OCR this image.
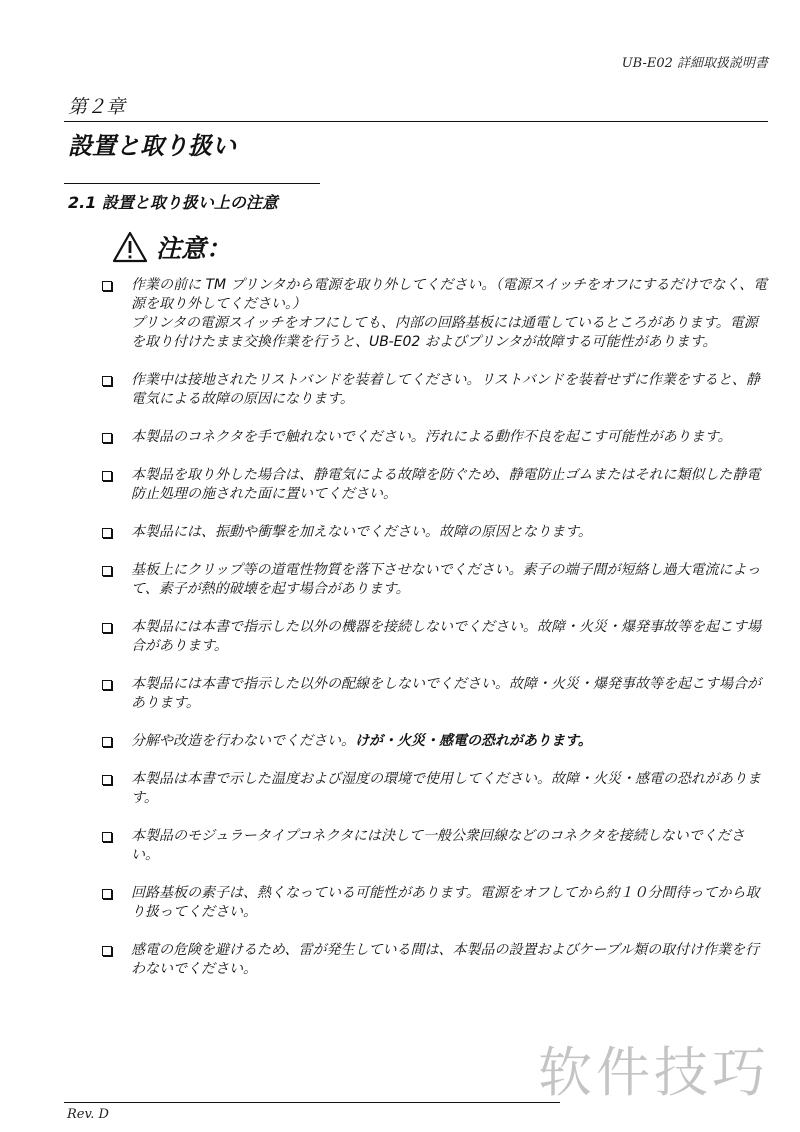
UB-E02 詳細取扱説明書
第２章
設置と取り扱い
2.1 設置と取り扱い上の注意
注意：

作業の前に TM プリンタから電源を取り外してください。（電源スイッチをオフにするだけでなく、電源を取り外してください。）

プリンタの電源スイッチをオフにしても、内部の回路基板には通電しているところがあります。電源を取り付けたまま交換作業を行うと、UB-E02 およびプリンタが故障する可能性があります。

作業中は接地されたリストバンドを装着してください。リストバンドを装着せずに作業をすると、静電気による故障の原因になります。

本製品のコネクタを手で触れないでください。汚れによる動作不良を起こす可能性があります。

本製品を取り外した場合は、静電気による故障を防ぐため、静電防止ゴムまたはそれに類似した静電防止処理の施された面に置いてください。

本製品には、振動や衝撃を加えないでください。故障の原因となります。

基板上にクリップ等の道電性物質を落下させないでください。素子の端子間が短絡し過大電流によって、素子が熱的破壊を起す場合があります。

本製品には本書で指示した以外の機器を接続しないでください。故障・火災・爆発事故等を起こす場合があります。

本製品には本書で指示した以外の配線をしないでください。故障・火災・爆発事故等を起こす場合があります。

分解や改造を行わないでください。けが・火災・感電の恐れがあります。

本製品は本書で示した温度および湿度の環境で使用してください。故障・火災・感電の恐れがあります。

本製品のモジュラータイプコネクタには決して一般公衆回線などのコネクタを接続しないでください。

回路基板の素子は、熱くなっている可能性があります。電源をオフしてから約１０分間待ってから取り扱ってください。

感電の危険を避けるため、雷が発生している間は、本製品の設置およびケーブル類の取付け作業を行わないでください。

软件技巧
Rev. D
